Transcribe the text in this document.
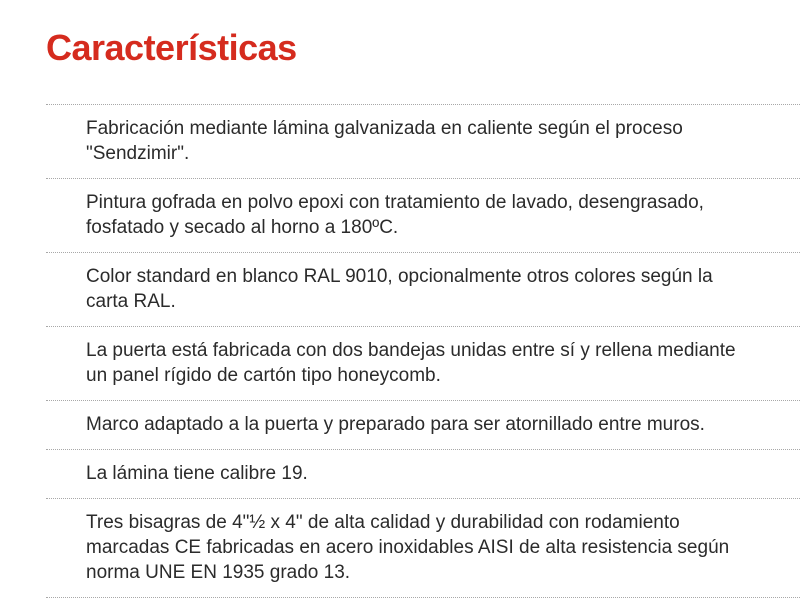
Características
Fabricación mediante lámina galvanizada en caliente según el proceso "Sendzimir".
Pintura gofrada en polvo epoxi con tratamiento de lavado, desengrasado, fosfatado y secado al horno a 180ºC.
Color standard en blanco RAL 9010, opcionalmente otros colores según la carta RAL.
La puerta está fabricada con dos bandejas unidas entre sí y rellena mediante un panel rígido de cartón tipo honeycomb.
Marco adaptado a la puerta y preparado para ser atornillado entre muros.
La lámina tiene calibre 19.
Tres bisagras de 4"½ x 4" de alta calidad y durabilidad con rodamiento marcadas CE fabricadas en acero inoxidables AISI de alta resistencia según norma UNE EN 1935 grado 13.
